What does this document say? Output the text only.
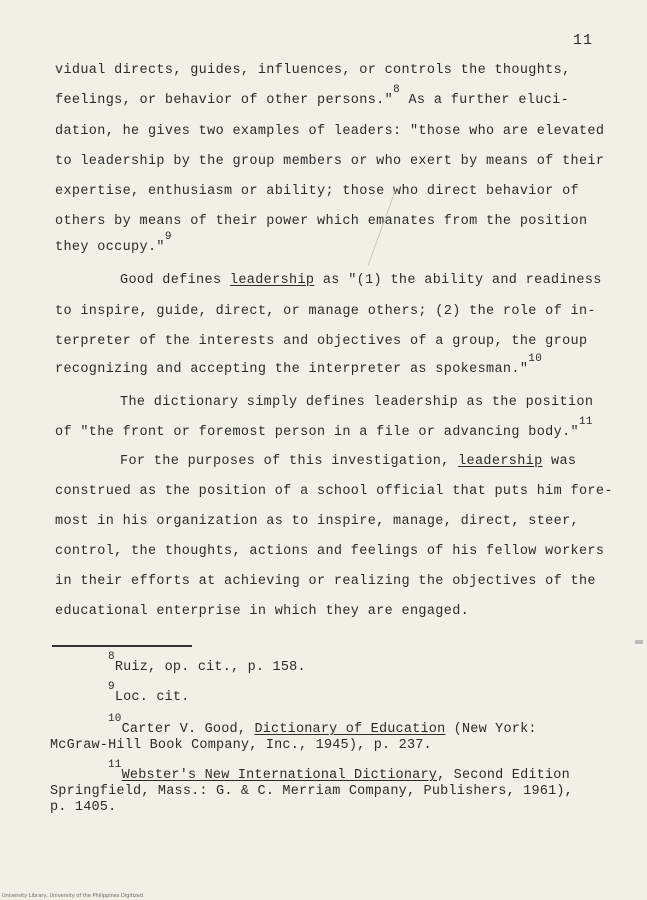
11
vidual directs, guides, influences, or controls the thoughts,
feelings, or behavior of other persons."$^8$ As a further eluci-
dation, he gives two examples of leaders: "those who are elevated
to leadership by the group members or who exert by means of their
expertise, enthusiasm or ability; those who direct behavior of
others by means of their power which emanates from the position
they occupy."$^9$
Good defines leadership as "(1) the ability and readiness
to inspire, guide, direct, or manage others; (2) the role of in-
terpreter of the interests and objectives of a group, the group
recognizing and accepting the interpreter as spokesman."$^{10}$
The dictionary simply defines leadership as the position
of "the front or foremost person in a file or advancing body."$^{11}$
For the purposes of this investigation, leadership was
construed as the position of a school official that puts him fore-
most in his organization as to inspire, manage, direct, steer,
control, the thoughts, actions and feelings of his fellow workers
in their efforts at achieving or realizing the objectives of the
educational enterprise in which they are engaged.
$^8$Ruiz, op. cit., p. 158.
$^9$Loc. cit.
$^{10}$Carter V. Good, Dictionary of Education (New York:
McGraw-Hill Book Company, Inc., 1945), p. 237.
$^{11}$Webster's New International Dictionary, Second Edition
Springfield, Mass.: G. & C. Merriam Company, Publishers, 1961),
p. 1405.
University Library, University of the Philippines Digitized
